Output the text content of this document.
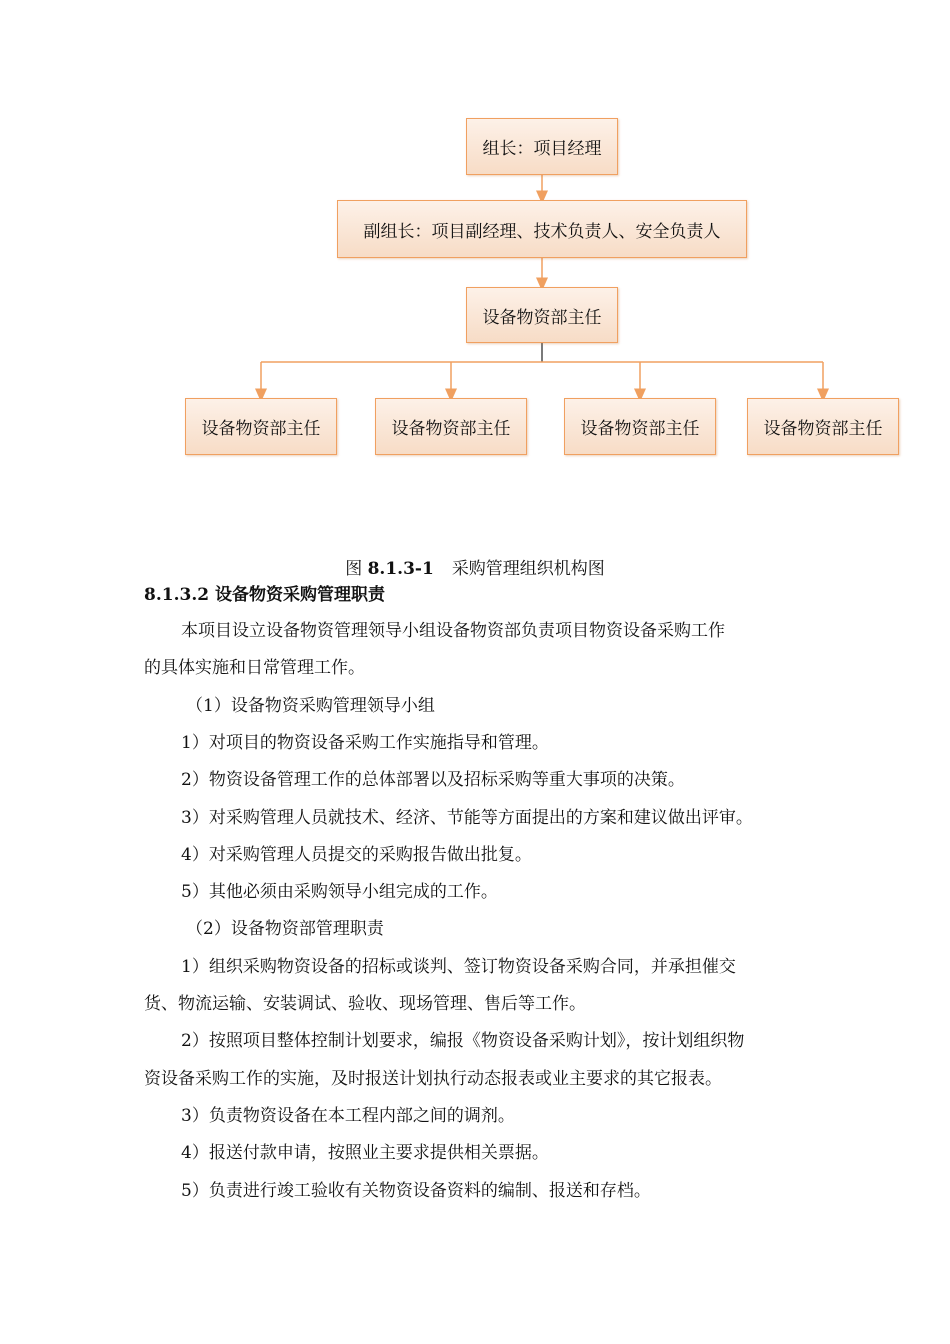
组长：项目经理
副组长：项目副经理、技术负责人、安全负责人
设备物资部主任
设备物资部主任	设备物资部主任	设备物资部主任	设备物资部主任
图 8.1.3-1 采购管理组织机构图
8.1.3.2 设备物资采购管理职责
本项目设立设备物资管理领导小组设备物资部负责项目物资设备采购工作
的具体实施和日常管理工作。
（1）设备物资采购管理领导小组
1）对项目的物资设备采购工作实施指导和管理。
2）物资设备管理工作的总体部署以及招标采购等重大事项的决策。
3）对采购管理人员就技术、经济、节能等方面提出的方案和建议做出评审。
4）对采购管理人员提交的采购报告做出批复。
5）其他必须由采购领导小组完成的工作。
（2）设备物资部管理职责
1）组织采购物资设备的招标或谈判、签订物资设备采购合同，并承担催交
货、物流运输、安装调试、验收、现场管理、售后等工作。
2）按照项目整体控制计划要求，编报《物资设备采购计划》，按计划组织物
资设备采购工作的实施，及时报送计划执行动态报表或业主要求的其它报表。
3）负责物资设备在本工程内部之间的调剂。
4）报送付款申请，按照业主要求提供相关票据。
5）负责进行竣工验收有关物资设备资料的编制、报送和存档。
